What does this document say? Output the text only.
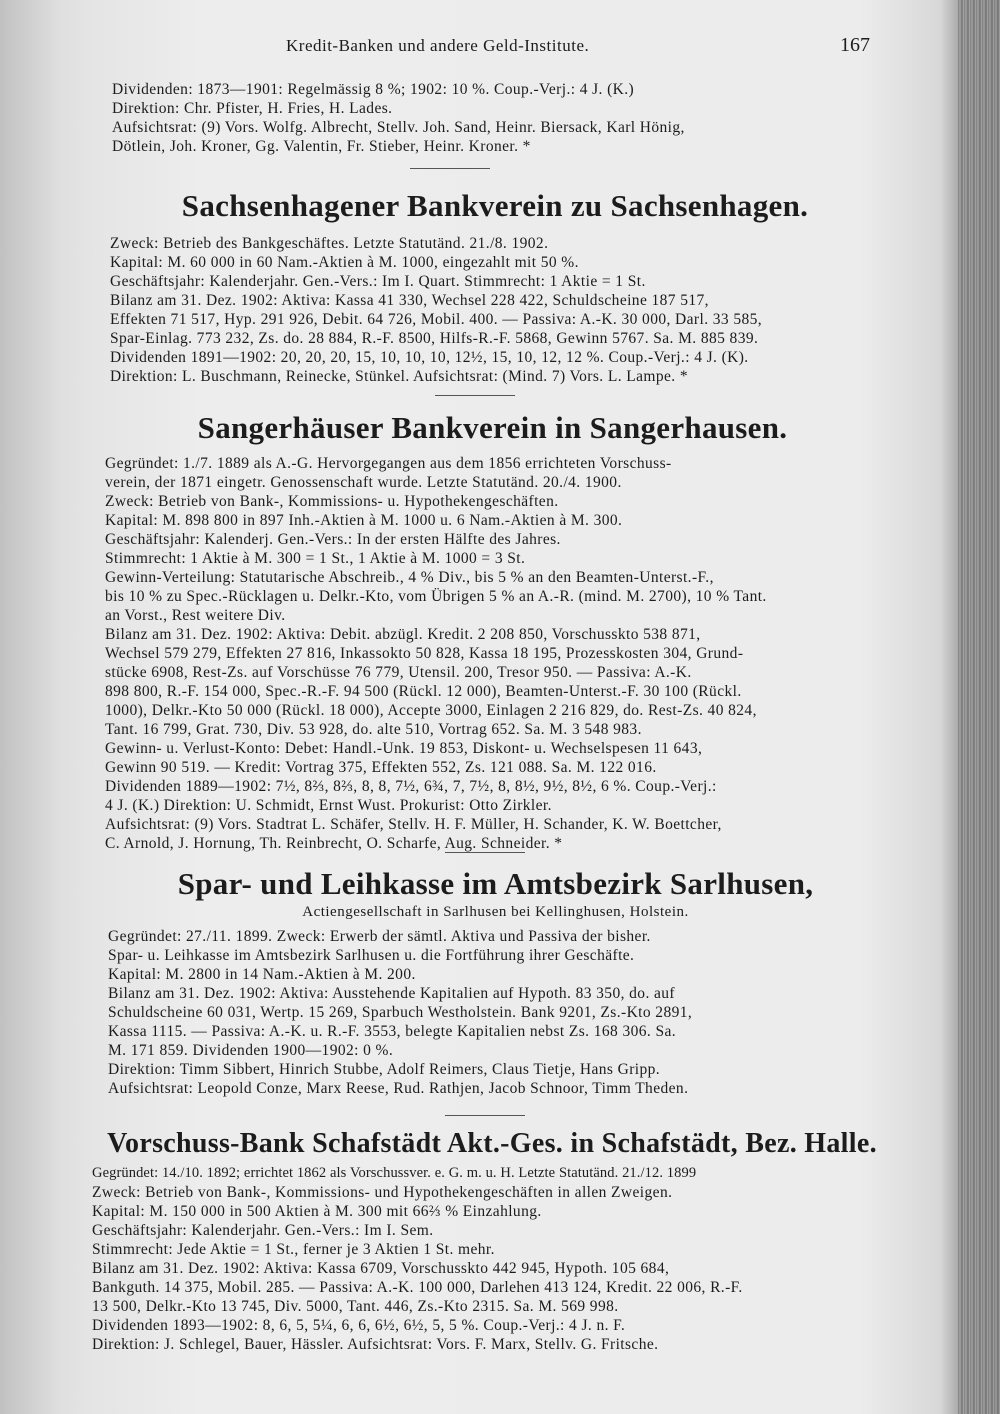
Kredit-Banken und andere Geld-Institute.	167
Dividenden: 1873—1901: Regelmässig 8 %; 1902: 10 %. Coup.-Verj.: 4 J. (K.)
Direktion: Chr. Pfister, H. Fries, H. Lades.
Aufsichtsrat: (9) Vors. Wolfg. Albrecht, Stellv. Joh. Sand, Heinr. Biersack, Karl Hönig,
Dötlein, Joh. Kroner, Gg. Valentin, Fr. Stieber, Heinr. Kroner. *
Sachsenhagener Bankverein zu Sachsenhagen.
Zweck: Betrieb des Bankgeschäftes. Letzte Statutänd. 21./8. 1902.
Kapital: M. 60 000 in 60 Nam.-Aktien à M. 1000, eingezahlt mit 50 %.
Geschäftsjahr: Kalenderjahr. Gen.-Vers.: Im I. Quart. Stimmrecht: 1 Aktie = 1 St.
Bilanz am 31. Dez. 1902: Aktiva: Kassa 41 330, Wechsel 228 422, Schuldscheine 187 517,
Effekten 71 517, Hyp. 291 926, Debit. 64 726, Mobil. 400. — Passiva: A.-K. 30 000, Darl. 33 585,
Spar-Einlag. 773 232, Zs. do. 28 884, R.-F. 8500, Hilfs-R.-F. 5868, Gewinn 5767. Sa. M. 885 839.
Dividenden 1891—1902: 20, 20, 20, 15, 10, 10, 10, 12½, 15, 10, 12, 12 %. Coup.-Verj.: 4 J. (K).
Direktion: L. Buschmann, Reinecke, Stünkel. Aufsichtsrat: (Mind. 7) Vors. L. Lampe. *
Sangerhäuser Bankverein in Sangerhausen.
Gegründet: 1./7. 1889 als A.-G. Hervorgegangen aus dem 1856 errichteten Vorschuss-
verein, der 1871 eingetr. Genossenschaft wurde. Letzte Statutänd. 20./4. 1900.
Zweck: Betrieb von Bank-, Kommissions- u. Hypothekengeschäften.
Kapital: M. 898 800 in 897 Inh.-Aktien à M. 1000 u. 6 Nam.-Aktien à M. 300.
Geschäftsjahr: Kalenderj. Gen.-Vers.: In der ersten Hälfte des Jahres.
Stimmrecht: 1 Aktie à M. 300 = 1 St., 1 Aktie à M. 1000 = 3 St.
Gewinn-Verteilung: Statutarische Abschreib., 4 % Div., bis 5 % an den Beamten-Unterst.-F.,
bis 10 % zu Spec.-Rücklagen u. Delkr.-Kto, vom Übrigen 5 % an A.-R. (mind. M. 2700), 10 % Tant.
an Vorst., Rest weitere Div.
Bilanz am 31. Dez. 1902: Aktiva: Debit. abzügl. Kredit. 2 208 850, Vorschusskto 538 871,
Wechsel 579 279, Effekten 27 816, Inkassokto 50 828, Kassa 18 195, Prozesskosten 304, Grund-
stücke 6908, Rest-Zs. auf Vorschüsse 76 779, Utensil. 200, Tresor 950. — Passiva: A.-K.
898 800, R.-F. 154 000, Spec.-R.-F. 94 500 (Rückl. 12 000), Beamten-Unterst.-F. 30 100 (Rückl.
1000), Delkr.-Kto 50 000 (Rückl. 18 000), Accepte 3000, Einlagen 2 216 829, do. Rest-Zs. 40 824,
Tant. 16 799, Grat. 730, Div. 53 928, do. alte 510, Vortrag 652. Sa. M. 3 548 983.
Gewinn- u. Verlust-Konto: Debet: Handl.-Unk. 19 853, Diskont- u. Wechselspesen 11 643,
Gewinn 90 519. — Kredit: Vortrag 375, Effekten 552, Zs. 121 088. Sa. M. 122 016.
Dividenden 1889—1902: 7½, 8⅔, 8⅔, 8, 8, 7½, 6¾, 7, 7½, 8, 8½, 9½, 8½, 6 %. Coup.-Verj.:
4 J. (K.) Direktion: U. Schmidt, Ernst Wust. Prokurist: Otto Zirkler.
Aufsichtsrat: (9) Vors. Stadtrat L. Schäfer, Stellv. H. F. Müller, H. Schander, K. W. Boettcher,
C. Arnold, J. Hornung, Th. Reinbrecht, O. Scharfe, Aug. Schneider. *
Spar- und Leihkasse im Amtsbezirk Sarlhusen,
Actiengesellschaft in Sarlhusen bei Kellinghusen, Holstein.
Gegründet: 27./11. 1899. Zweck: Erwerb der sämtl. Aktiva und Passiva der bisher.
Spar- u. Leihkasse im Amtsbezirk Sarlhusen u. die Fortführung ihrer Geschäfte.
Kapital: M. 2800 in 14 Nam.-Aktien à M. 200.
Bilanz am 31. Dez. 1902: Aktiva: Ausstehende Kapitalien auf Hypoth. 83 350, do. auf
Schuldscheine 60 031, Wertp. 15 269, Sparbuch Westholstein. Bank 9201, Zs.-Kto 2891,
Kassa 1115. — Passiva: A.-K. u. R.-F. 3553, belegte Kapitalien nebst Zs. 168 306. Sa.
M. 171 859. Dividenden 1900—1902: 0 %.
Direktion: Timm Sibbert, Hinrich Stubbe, Adolf Reimers, Claus Tietje, Hans Gripp.
Aufsichtsrat: Leopold Conze, Marx Reese, Rud. Rathjen, Jacob Schnoor, Timm Theden.
Vorschuss-Bank Schafstädt Akt.-Ges. in Schafstädt, Bez. Halle.
Gegründet: 14./10. 1892; errichtet 1862 als Vorschussver. e. G. m. u. H. Letzte Statutänd. 21./12. 1899
Zweck: Betrieb von Bank-, Kommissions- und Hypothekengeschäften in allen Zweigen.
Kapital: M. 150 000 in 500 Aktien à M. 300 mit 66⅔ % Einzahlung.
Geschäftsjahr: Kalenderjahr. Gen.-Vers.: Im I. Sem.
Stimmrecht: Jede Aktie = 1 St., ferner je 3 Aktien 1 St. mehr.
Bilanz am 31. Dez. 1902: Aktiva: Kassa 6709, Vorschusskto 442 945, Hypoth. 105 684,
Bankguth. 14 375, Mobil. 285. — Passiva: A.-K. 100 000, Darlehen 413 124, Kredit. 22 006, R.-F.
13 500, Delkr.-Kto 13 745, Div. 5000, Tant. 446, Zs.-Kto 2315. Sa. M. 569 998.
Dividenden 1893—1902: 8, 6, 5, 5¼, 6, 6, 6½, 6½, 5, 5 %. Coup.-Verj.: 4 J. n. F.
Direktion: J. Schlegel, Bauer, Hässler. Aufsichtsrat: Vors. F. Marx, Stellv. G. Fritsche.
